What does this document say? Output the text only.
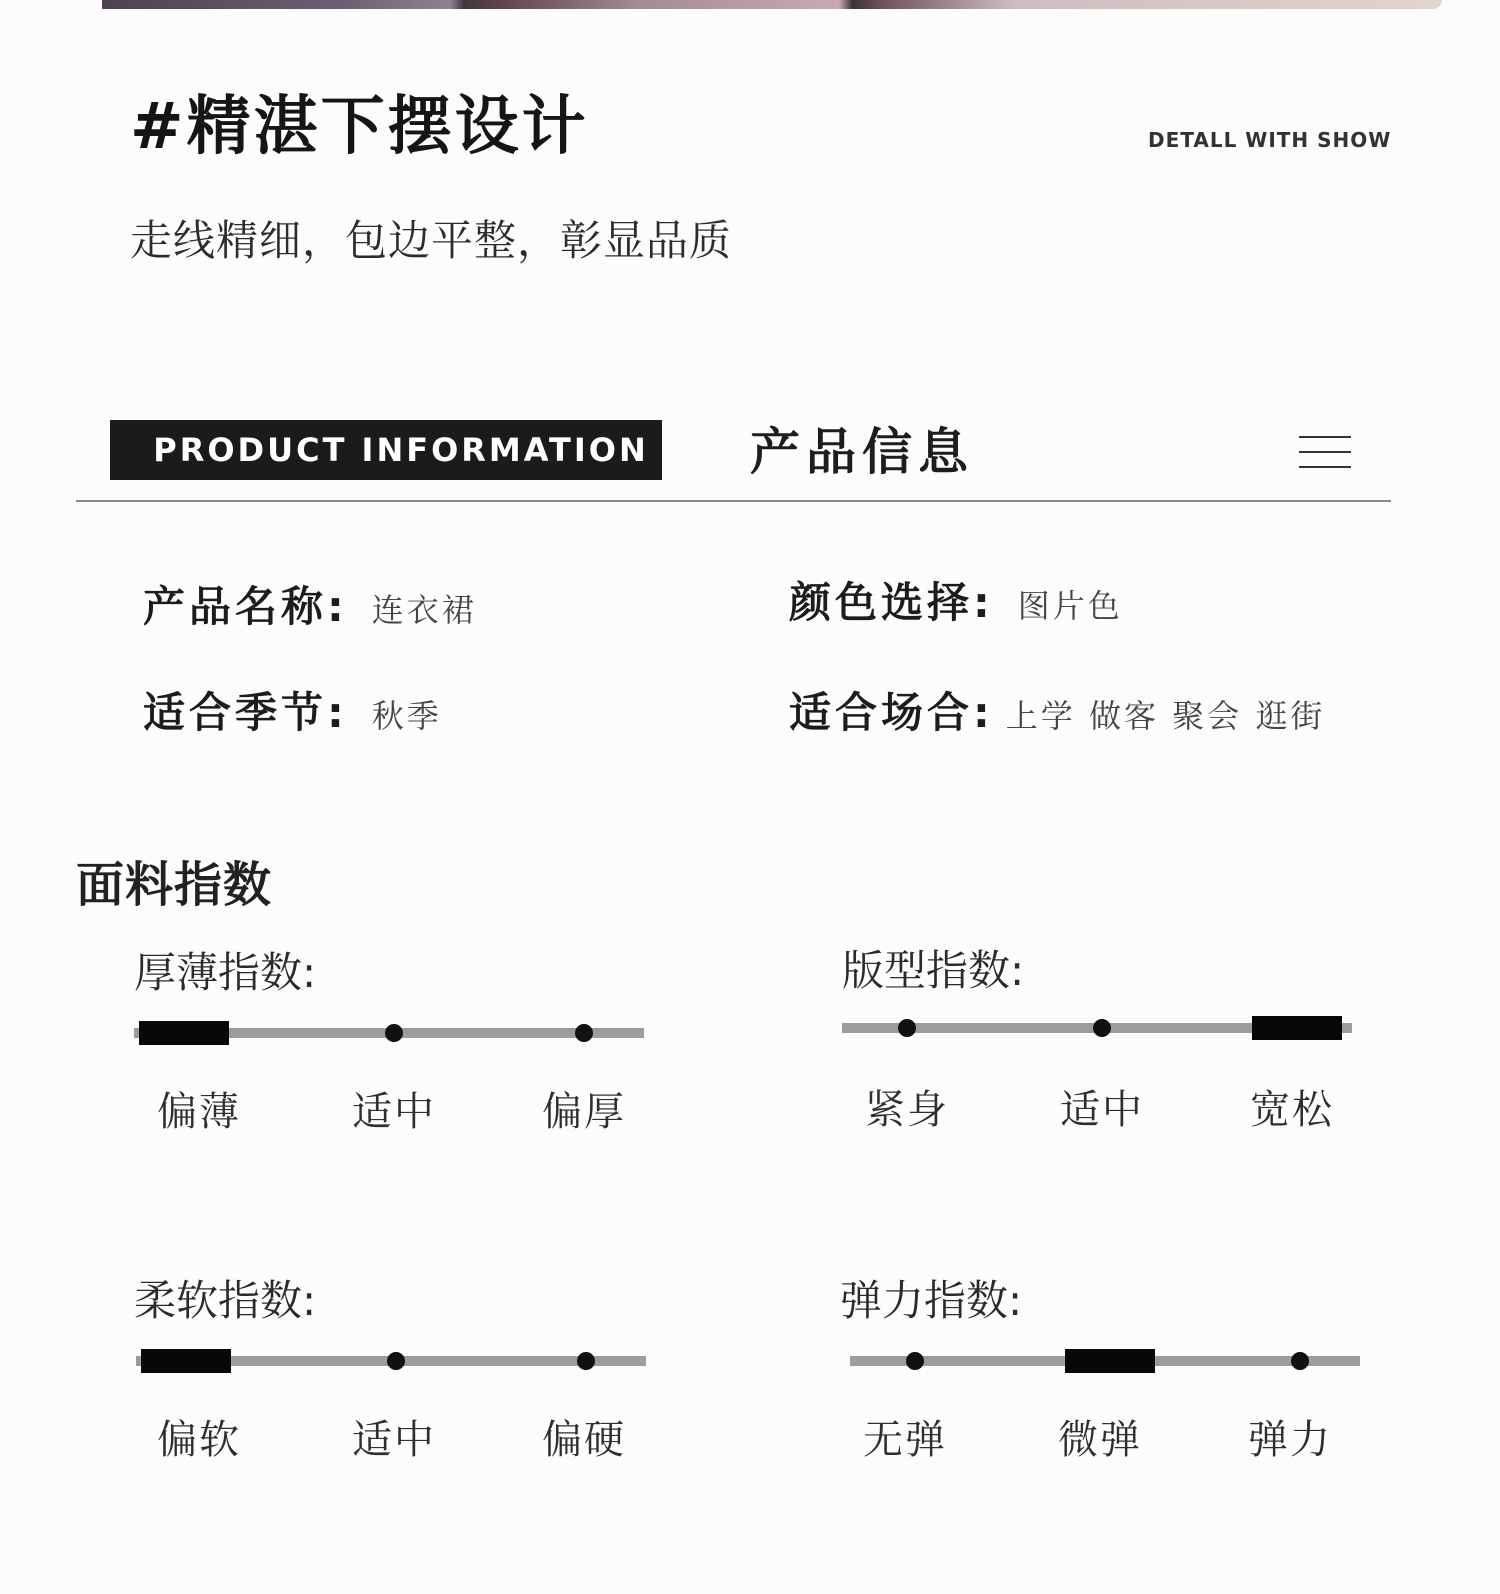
#精湛下摆设计	DETALL WITH SHOW
走线精细，包边平整，彰显品质
PRODUCT INFORMATION 产品信息
产品名称: 连衣裙	颜色选择: 图片色
适合季节: 秋季	适合场合: 上学 做客 聚会 逛街
面料指数
厚薄指数:
偏薄	适中	偏厚
版型指数:
紧身	适中	宽松
柔软指数:
偏软	适中	偏硬
弹力指数:
无弹	微弹	弹力
